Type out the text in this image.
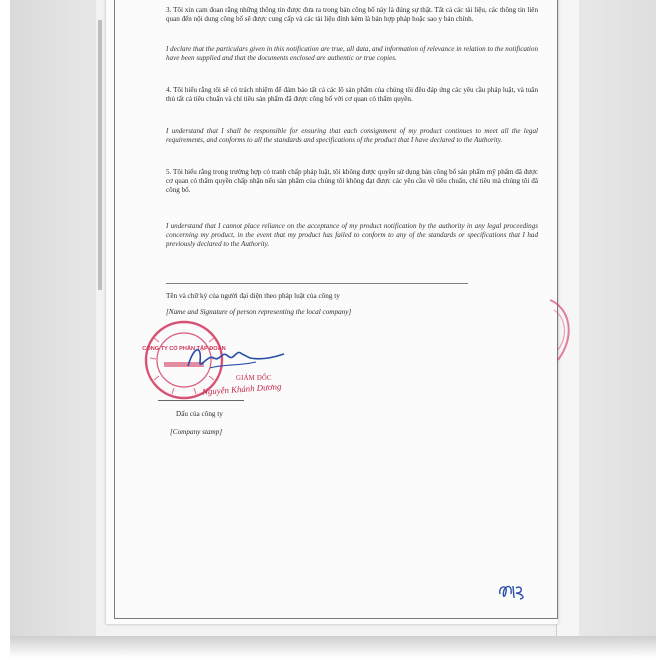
3. Tôi xin cam đoan rằng những thông tin được đưa ra trong bản công bố này là đúng sự thật. Tất cả các tài liệu, các thông tin liên quan đến nội dung công bố sẽ được cung cấp và các tài liệu đính kèm là bản hợp pháp hoặc sao y bản chính.
I declare that the particulars given in this notification are true, all data, and information of relevance in relation to the notification have been supplied and that the documents enclosed are authentic or true copies.
4. Tôi hiểu rằng tôi sẽ có trách nhiệm để đảm bảo tất cả các lô sản phẩm của chúng tôi đều đáp ứng các yêu cầu pháp luật, và tuân thủ tất cả tiêu chuẩn và chỉ tiêu sản phẩm đã được công bố với cơ quan có thẩm quyền.
I understand that I shall be responsible for ensuring that each consignment of my product continues to meet all the legal requirements, and conforms to all the standards and specifications of the product that I have declared to the Authority.
5. Tôi hiểu rằng trong trường hợp có tranh chấp pháp luật, tôi không được quyền sử dụng bản công bố sản phẩm mỹ phẩm đã được cơ quan có thẩm quyền chấp nhận nếu sản phẩm của chúng tôi không đạt được các yêu cầu về tiêu chuẩn, chỉ tiêu mà chúng tôi đã công bố.
I understand that I cannot place reliance on the acceptance of my product notification by the authority in any legal proceedings concerning my product, in the event that my product has failed to conform to any of the standards or specifications that I had previously declared to the Authority.
Tên và chữ ký của người đại diện theo pháp luật của công ty
[Name and Signature of person representing the local company]
CÔNG TY CỔ PHẦN TẬP ĐOÀN
GIÁM ĐỐC
Nguyễn Khánh Dương
Dấu của công ty
[Company stamp]
